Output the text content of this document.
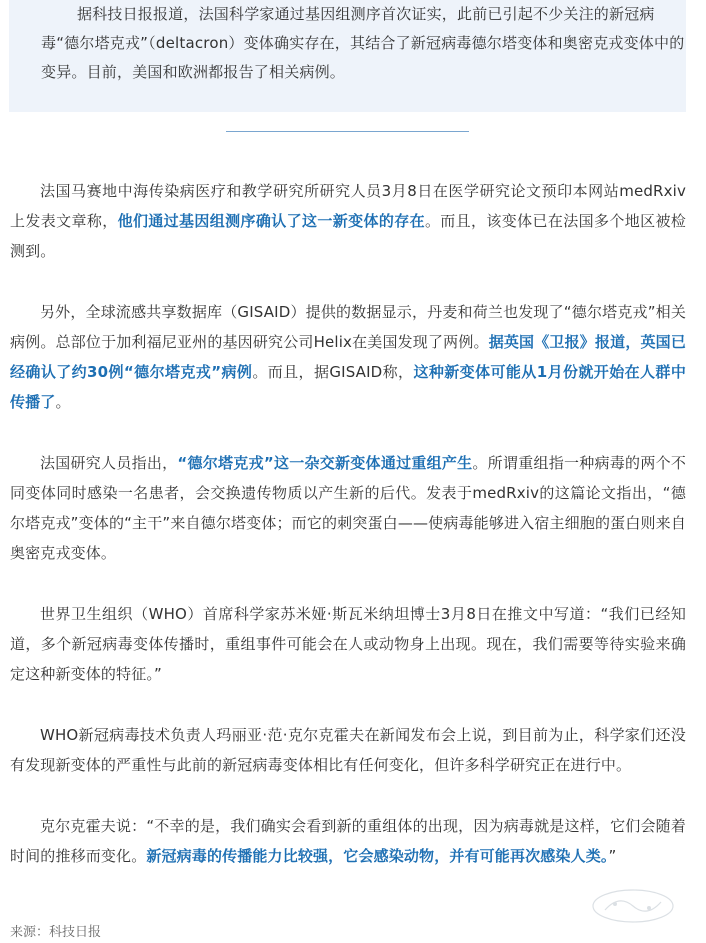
据科技日报报道，法国科学家通过基因组测序首次证实，此前已引起不少关注的新冠病毒“德尔塔克戎”（deltacron）变体确实存在，其结合了新冠病毒德尔塔变体和奥密克戎变体中的变异。目前，美国和欧洲都报告了相关病例。

法国马赛地中海传染病医疗和教学研究所研究人员3月8日在医学研究论文预印本网站medRxiv上发表文章称，他们通过基因组测序确认了这一新变体的存在。而且，该变体已在法国多个地区被检测到。

另外，全球流感共享数据库（GISAID）提供的数据显示，丹麦和荷兰也发现了“德尔塔克戎”相关病例。总部位于加利福尼亚州的基因研究公司Helix在美国发现了两例。据英国《卫报》报道，英国已经确认了约30例“德尔塔克戎”病例。而且，据GISAID称，这种新变体可能从1月份就开始在人群中传播了。

法国研究人员指出，“德尔塔克戎”这一杂交新变体通过重组产生。所谓重组指一种病毒的两个不同变体同时感染一名患者，会交换遗传物质以产生新的后代。发表于medRxiv的这篇论文指出，“德尔塔克戎”变体的“主干”来自德尔塔变体；而它的刺突蛋白——使病毒能够进入宿主细胞的蛋白则来自奥密克戎变体。

世界卫生组织（WHO）首席科学家苏米娅·斯瓦米纳坦博士3月8日在推文中写道：“我们已经知道，多个新冠病毒变体传播时，重组事件可能会在人或动物身上出现。现在，我们需要等待实验来确定这种新变体的特征。”

WHO新冠病毒技术负责人玛丽亚·范·克尔克霍夫在新闻发布会上说，到目前为止，科学家们还没有发现新变体的严重性与此前的新冠病毒变体相比有任何变化，但许多科学研究正在进行中。

克尔克霍夫说：“不幸的是，我们确实会看到新的重组体的出现，因为病毒就是这样，它们会随着时间的推移而变化。新冠病毒的传播能力比较强，它会感染动物，并有可能再次感染人类。”

来源：科技日报
